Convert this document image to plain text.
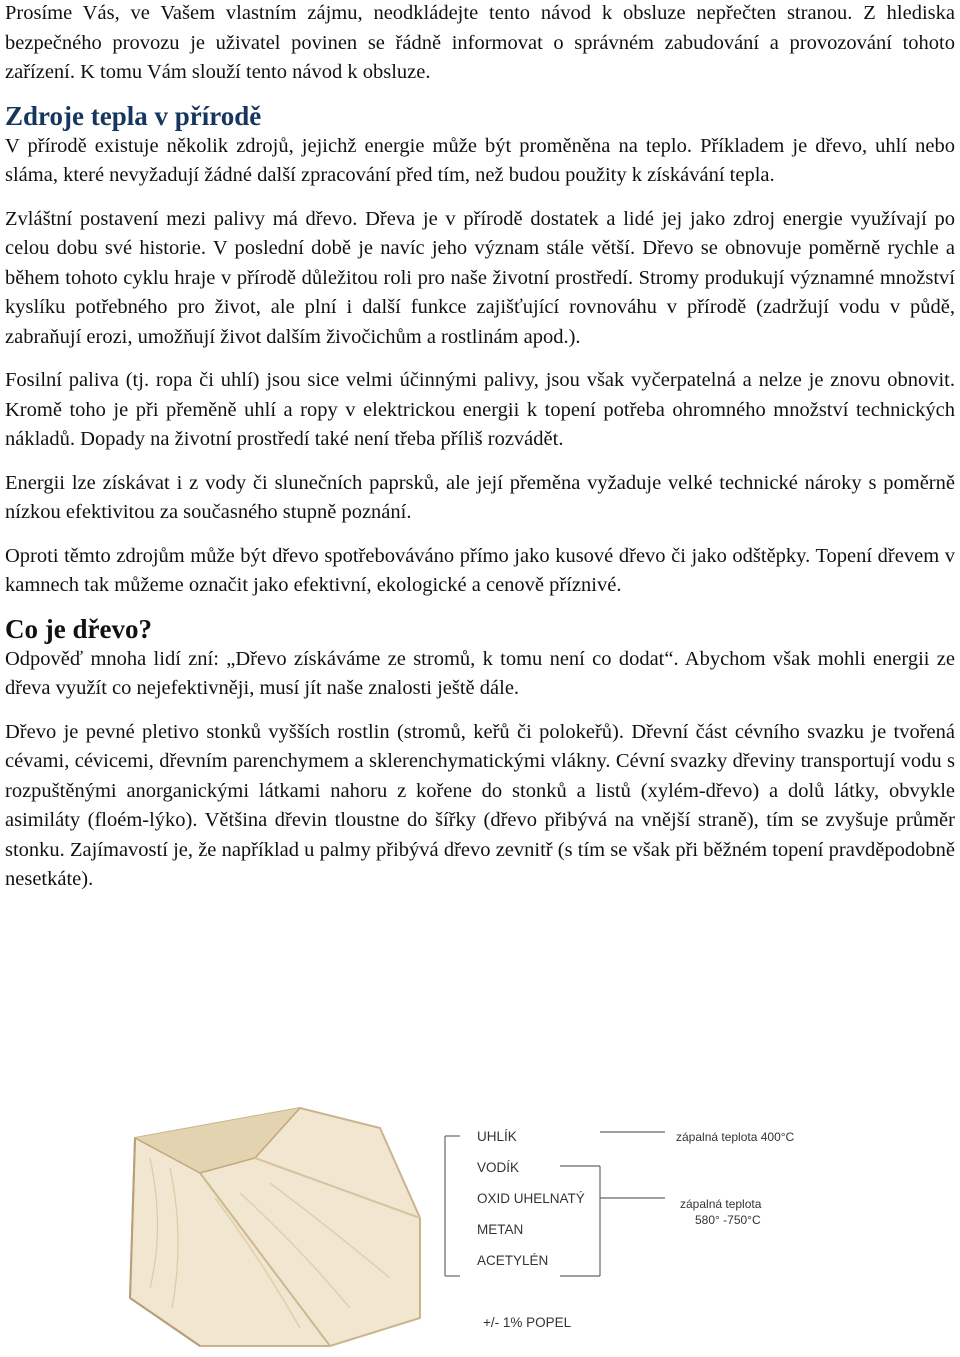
Prosíme Vás, ve Vašem vlastním zájmu, neodkládejte tento návod k obsluze nepřečten stranou. Z hlediska bezpečného provozu je uživatel povinen se řádně informovat o správném zabudování a provozování tohoto zařízení. K tomu Vám slouží tento návod k obsluze.

Zdroje tepla v přírodě

V přírodě existuje několik zdrojů, jejichž energie může být proměněna na teplo. Příkladem je dřevo, uhlí nebo sláma, které nevyžadují žádné další zpracování před tím, než budou použity k získávání tepla.

Zvláštní postavení mezi palivy má dřevo. Dřeva je v přírodě dostatek a lidé jej jako zdroj energie využívají po celou dobu své historie. V poslední době je navíc jeho význam stále větší. Dřevo se obnovuje poměrně rychle a během tohoto cyklu hraje v přírodě důležitou roli pro naše životní prostředí. Stromy produkují významné množství kyslíku potřebného pro život, ale plní i další funkce zajišťující rovnováhu v přírodě (zadržují vodu v půdě, zabraňují erozi, umožňují život dalším živočichům a rostlinám apod.).

Fosilní paliva (tj. ropa či uhlí) jsou sice velmi účinnými palivy, jsou však vyčerpatelná a nelze je znovu obnovit. Kromě toho je při přeměně uhlí a ropy v elektrickou energii k topení potřeba ohromného množství technických nákladů. Dopady na životní prostředí také není třeba příliš rozvádět.

Energii lze získávat i z vody či slunečních paprsků, ale její přeměna vyžaduje velké technické nároky s poměrně nízkou efektivitou za současného stupně poznání.

Oproti těmto zdrojům může být dřevo spotřebováváno přímo jako kusové dřevo či jako odštěpky. Topení dřevem v kamnech tak můžeme označit jako efektivní, ekologické a cenově příznivé.

Co je dřevo?

Odpověď mnoha lidí zní: „Dřevo získáváme ze stromů, k tomu není co dodat“. Abychom však mohli energii ze dřeva využít co nejefektivněji, musí jít naše znalosti ještě dále.

Dřevo je pevné pletivo stonků vyšších rostlin (stromů, keřů či polokeřů). Dřevní část cévního svazku je tvořená cévami, cévicemi, dřevním parenchymem a sklerenchymatickými vlákny. Cévní svazky dřeviny transportují vodu s rozpuštěnými anorganickými látkami nahoru z kořene do stonků a listů (xylém-dřevo) a dolů látky, obvykle asimiláty (floém-lýko). Většina dřevin tloustne do šířky (dřevo přibývá na vnější straně), tím se zvyšuje průměr stonku. Zajímavostí je, že například u palmy přibývá dřevo zevnitř (s tím se však při běžném topení pravděpodobně nesetkáte).

UHLÍK
VODÍK
OXID UHELNATÝ
METAN
ACETYLÉN
+/- 1% POPEL
zápalná teplota 400°C
zápalná teplota
580° -750°C
